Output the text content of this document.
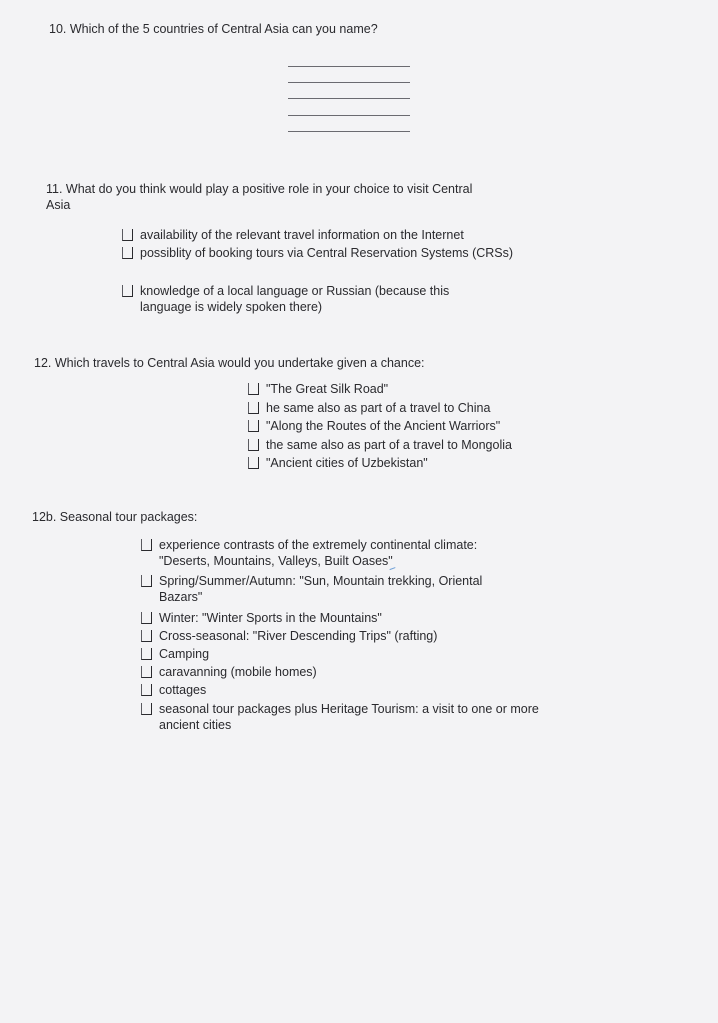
10. Which of the 5 countries of Central Asia can you name?

11. What do you think would play a positive role in your choice to visit Central Asia

availability of the relevant travel information on the Internet
possiblity of booking tours via Central Reservation Systems (CRSs)
knowledge of a local language or Russian (because this language is widely spoken there)

12. Which travels to Central Asia would you undertake given a chance:

"The Great Silk Road"
he same also as part of a travel to China
"Along the Routes of the Ancient Warriors"
the same also as part of a travel to Mongolia
"Ancient cities of Uzbekistan"

12b. Seasonal tour packages:

experience contrasts of the extremely continental climate: "Deserts, Mountains, Valleys, Built Oases"
Spring/Summer/Autumn: "Sun, Mountain trekking, Oriental Bazars"
Winter: "Winter Sports in the Mountains"
Cross-seasonal: "River Descending Trips" (rafting)
Camping
caravanning (mobile homes)
cottages
seasonal tour packages plus Heritage Tourism: a visit to one or more ancient cities
